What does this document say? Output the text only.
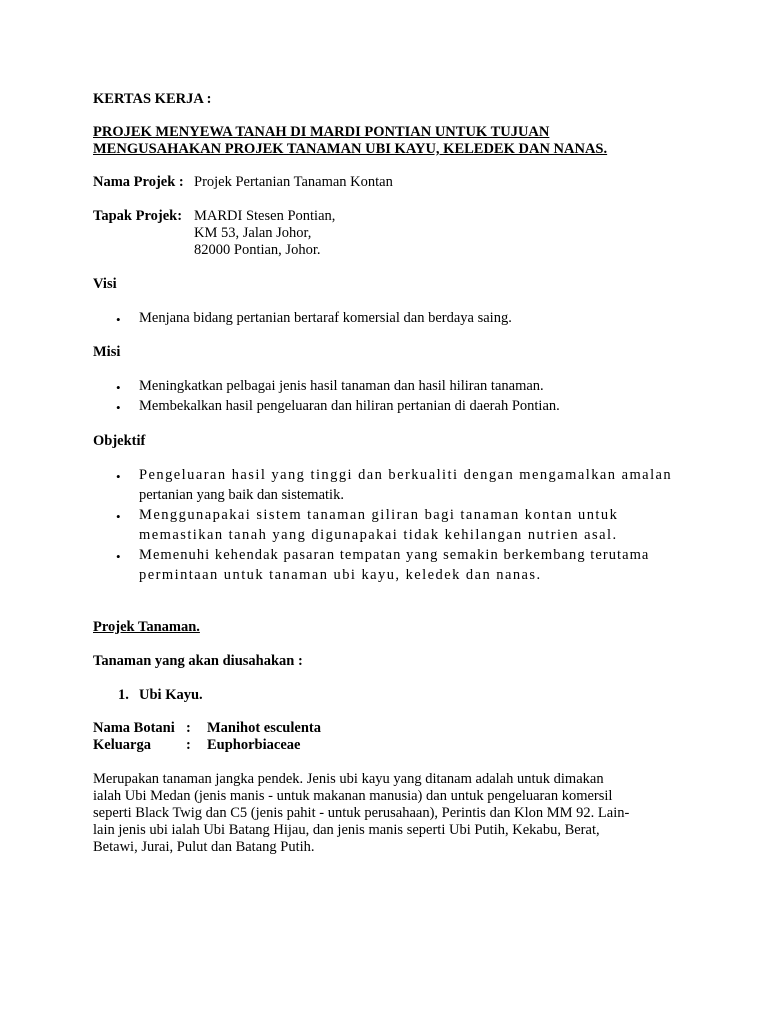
KERTAS KERJA :
PROJEK MENYEWA TANAH DI MARDI PONTIAN UNTUK TUJUAN
MENGUSAHAKAN PROJEK TANAMAN UBI KAYU, KELEDEK DAN NANAS.
Nama Projek : Projek Pertanian Tanaman Kontan
Tapak Projek: MARDI Stesen Pontian,
KM 53, Jalan Johor,
82000 Pontian, Johor.
Visi
• Menjana bidang pertanian bertaraf komersial dan berdaya saing.
Misi
• Meningkatkan pelbagai jenis hasil tanaman dan hasil hiliran tanaman.
• Membekalkan hasil pengeluaran dan hiliran pertanian di daerah Pontian.
Objektif
• Pengeluaran hasil yang tinggi dan berkualiti dengan mengamalkan amalan
pertanian yang baik dan sistematik.
• Menggunapakai sistem tanaman giliran bagi tanaman kontan untuk
memastikan tanah yang digunapakai tidak kehilangan nutrien asal.
• Memenuhi kehendak pasaran tempatan yang semakin berkembang terutama
permintaan untuk tanaman ubi kayu, keledek dan nanas.
Projek Tanaman.
Tanaman yang akan diusahakan :
1. Ubi Kayu.
Nama Botani : Manihot esculenta
Keluarga : Euphorbiaceae
Merupakan tanaman jangka pendek. Jenis ubi kayu yang ditanam adalah untuk dimakan
ialah Ubi Medan (jenis manis - untuk makanan manusia) dan untuk pengeluaran komersil
seperti Black Twig dan C5 (jenis pahit - untuk perusahaan), Perintis dan Klon MM 92. Lain-
lain jenis ubi ialah Ubi Batang Hijau, dan jenis manis seperti Ubi Putih, Kekabu, Berat,
Betawi, Jurai, Pulut dan Batang Putih.
